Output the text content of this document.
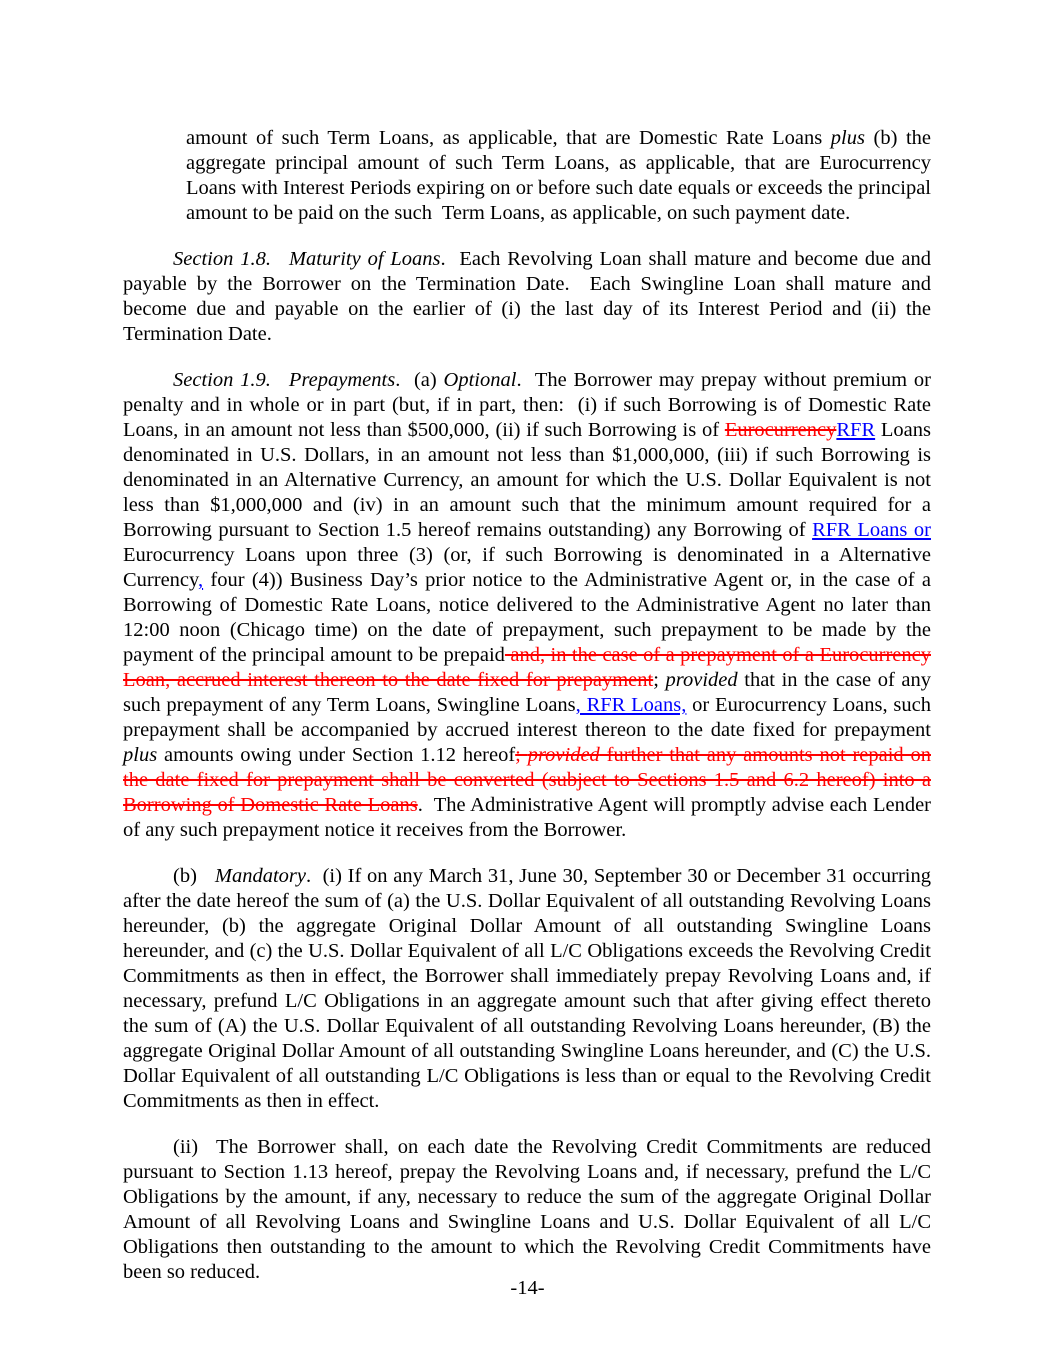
amount of such Term Loans, as applicable, that are Domestic Rate Loans plus (b) the aggregate principal amount of such Term Loans, as applicable, that are Eurocurrency Loans with Interest Periods expiring on or before such date equals or exceeds the principal amount to be paid on the such  Term Loans, as applicable, on such payment date.

Section 1.8. Maturity of Loans.  Each Revolving Loan shall mature and become due and payable by the Borrower on the Termination Date.  Each Swingline Loan shall mature and become due and payable on the earlier of (i) the last day of its Interest Period and (ii) the Termination Date.

Section 1.9. Prepayments.  (a) Optional.  The Borrower may prepay without premium or penalty and in whole or in part (but, if in part, then:  (i) if such Borrowing is of Domestic Rate Loans, in an amount not less than $500,000, (ii) if such Borrowing is of EurocurrencyRFR Loans denominated in U.S. Dollars, in an amount not less than $1,000,000, (iii) if such Borrowing is denominated in an Alternative Currency, an amount for which the U.S. Dollar Equivalent is not less than $1,000,000 and (iv) in an amount such that the minimum amount required for a Borrowing pursuant to Section 1.5 hereof remains outstanding) any Borrowing of RFR Loans or Eurocurrency Loans upon three (3) (or, if such Borrowing is denominated in a Alternative Currency, four (4)) Business Day’s prior notice to the Administrative Agent or, in the case of a Borrowing of Domestic Rate Loans, notice delivered to the Administrative Agent no later than 12:00 noon (Chicago time) on the date of prepayment, such prepayment to be made by the payment of the principal amount to be prepaid and, in the case of a prepayment of a Eurocurrency Loan, accrued interest thereon to the date fixed for prepayment; provided that in the case of any such prepayment of any Term Loans, Swingline Loans, RFR Loans, or Eurocurrency Loans, such prepayment shall be accompanied by accrued interest thereon to the date fixed for prepayment plus amounts owing under Section 1.12 hereof; provided further that any amounts not repaid on the date fixed for prepayment shall be converted (subject to Sections 1.5 and 6.2 hereof) into a Borrowing of Domestic Rate Loans.  The Administrative Agent will promptly advise each Lender of any such prepayment notice it receives from the Borrower.

(b) Mandatory.  (i) If on any March 31, June 30, September 30 or December 31 occurring after the date hereof the sum of (a) the U.S. Dollar Equivalent of all outstanding Revolving Loans hereunder, (b) the aggregate Original Dollar Amount of all outstanding Swingline Loans hereunder, and (c) the U.S. Dollar Equivalent of all L/C Obligations exceeds the Revolving Credit Commitments as then in effect, the Borrower shall immediately prepay Revolving Loans and, if necessary, prefund L/C Obligations in an aggregate amount such that after giving effect thereto the sum of (A) the U.S. Dollar Equivalent of all outstanding Revolving Loans hereunder, (B) the aggregate Original Dollar Amount of all outstanding Swingline Loans hereunder, and (C) the U.S. Dollar Equivalent of all outstanding L/C Obligations is less than or equal to the Revolving Credit Commitments as then in effect.

(ii) The Borrower shall, on each date the Revolving Credit Commitments are reduced pursuant to Section 1.13 hereof, prepay the Revolving Loans and, if necessary, prefund the L/C Obligations by the amount, if any, necessary to reduce the sum of the aggregate Original Dollar Amount of all Revolving Loans and Swingline Loans and U.S. Dollar Equivalent of all L/C Obligations then outstanding to the amount to which the Revolving Credit Commitments have been so reduced.

-14-
